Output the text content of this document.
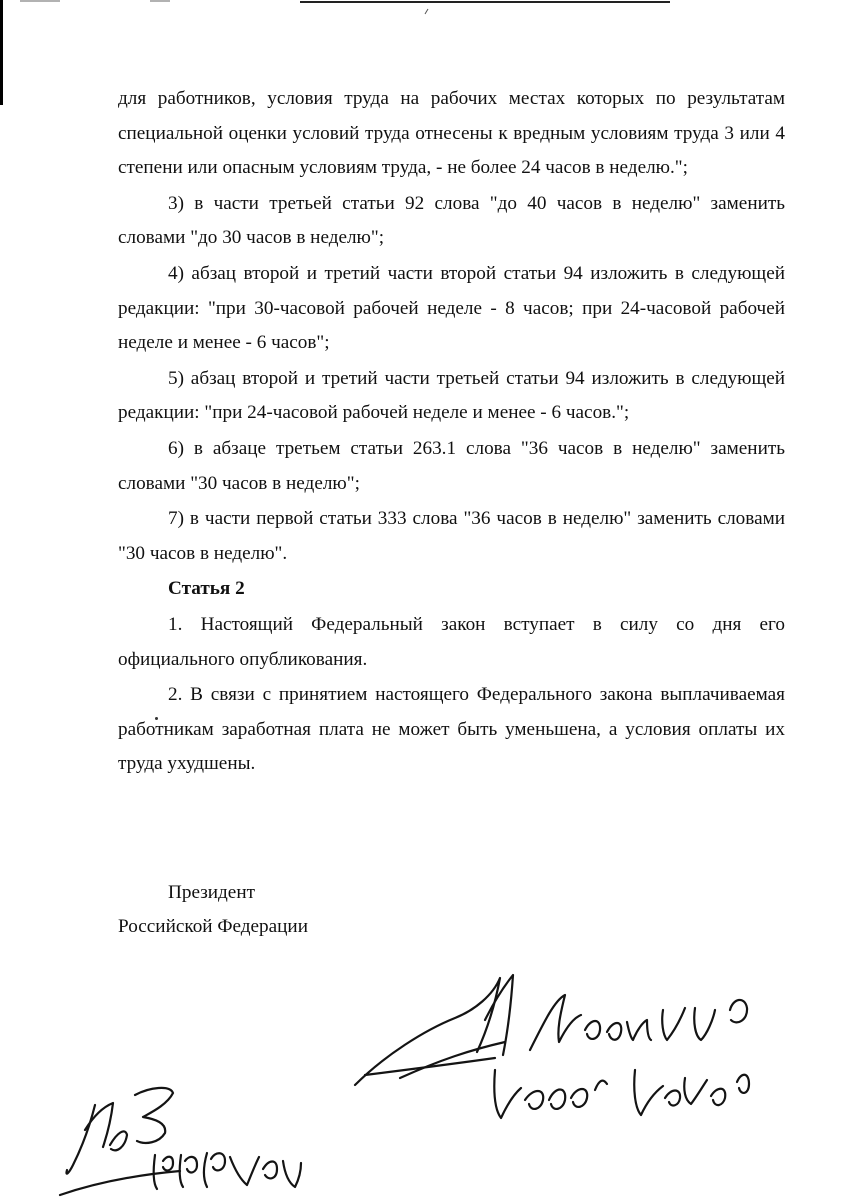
для работников, условия труда на рабочих местах которых по результатам специальной оценки условий труда отнесены к вредным условиям труда 3 или 4 степени или опасным условиям труда, - не более 24 часов в неделю.";

3) в части третьей статьи 92 слова "до 40 часов в неделю" заменить словами "до 30 часов в неделю";

4) абзац второй и третий части второй статьи 94 изложить в следующей редакции: "при 30-часовой рабочей неделе - 8 часов; при 24-часовой рабочей неделе и менее - 6 часов";

5) абзац второй и третий части третьей статьи 94 изложить в следующей редакции: "при 24-часовой рабочей неделе и менее - 6 часов.";

6) в абзаце третьем статьи 263.1 слова "36 часов в неделю" заменить словами "30 часов в неделю";

7) в части первой статьи 333 слова "36 часов в неделю" заменить словами "30 часов в неделю".

Статья 2

1. Настоящий Федеральный закон вступает в силу со дня его официального опубликования.

2. В связи с принятием настоящего Федерального закона выплачиваемая работникам заработная плата не может быть уменьшена, а условия оплаты их труда ухудшены.

Президент
Российской Федерации
